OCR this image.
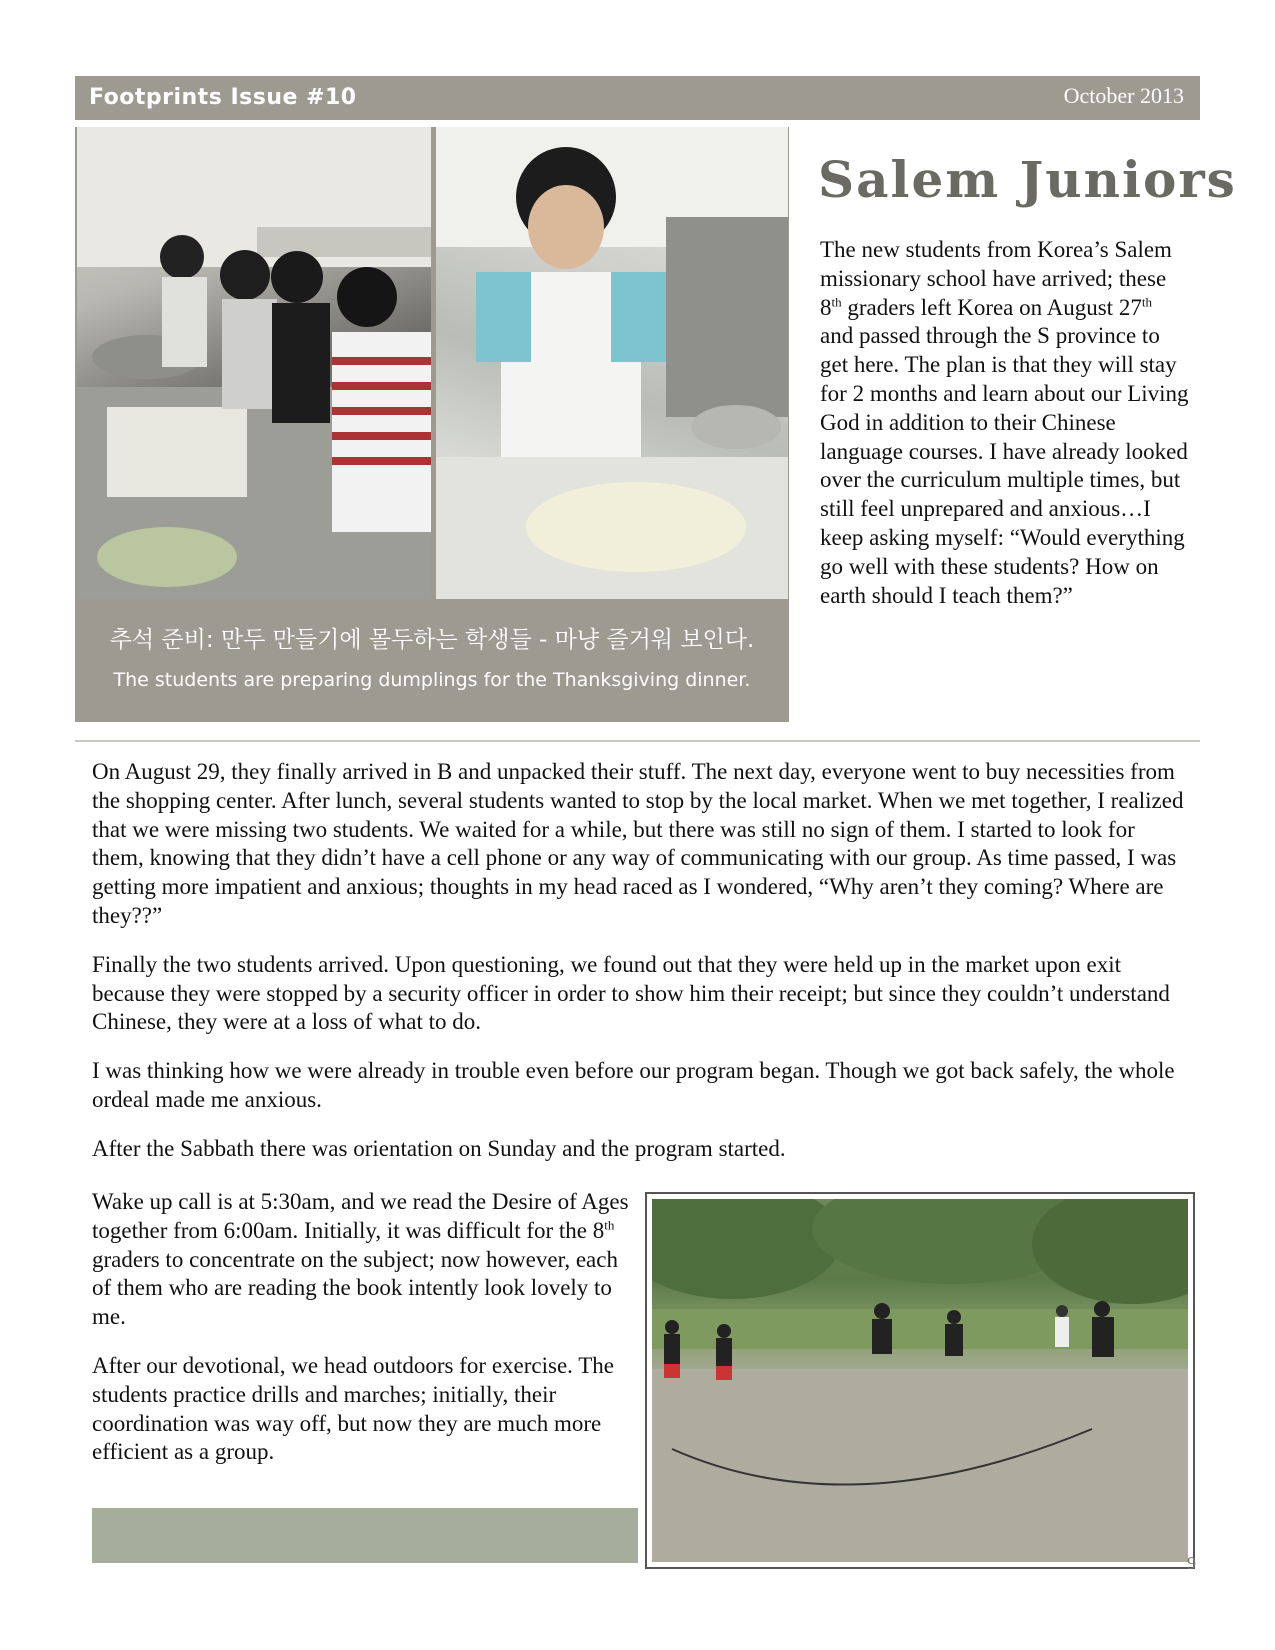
Footprints Issue #10	October 2013
추석 준비: 만두 만들기에 몰두하는 학생들 - 마냥 즐거워 보인다.
The students are preparing dumplings for the Thanksgiving dinner.
Salem Juniors
The new students from Korea’s Salem missionary school have arrived; these 8th graders left Korea on August 27th and passed through the S province to get here. The plan is that they will stay for 2 months and learn about our Living God in addition to their Chinese language courses. I have already looked over the curriculum multiple times, but still feel unprepared and anxious…I keep asking myself: “Would everything go well with these students? How on earth should I teach them?”

On August 29, they finally arrived in B and unpacked their stuff. The next day, everyone went to buy necessities from the shopping center. After lunch, several students wanted to stop by the local market. When we met together, I realized that we were missing two students. We waited for a while, but there was still no sign of them. I started to look for them, knowing that they didn’t have a cell phone or any way of communicating with our group. As time passed, I was getting more impatient and anxious; thoughts in my head raced as I wondered, “Why aren’t they coming? Where are they??”

Finally the two students arrived. Upon questioning, we found out that they were held up in the market upon exit because they were stopped by a security officer in order to show him their receipt; but since they couldn’t understand Chinese, they were at a loss of what to do.

I was thinking how we were already in trouble even before our program began. Though we got back safely, the whole ordeal made me anxious.

After the Sabbath there was orientation on Sunday and the program started.

Wake up call is at 5:30am, and we read the Desire of Ages together from 6:00am. Initially, it was difficult for the 8th graders to concentrate on the subject; now however, each of them who are reading the book intently look lovely to me.

After our devotional, we head outdoors for exercise. The students practice drills and marches; initially, their coordination was way off, but now they are much more efficient as a group.

9
